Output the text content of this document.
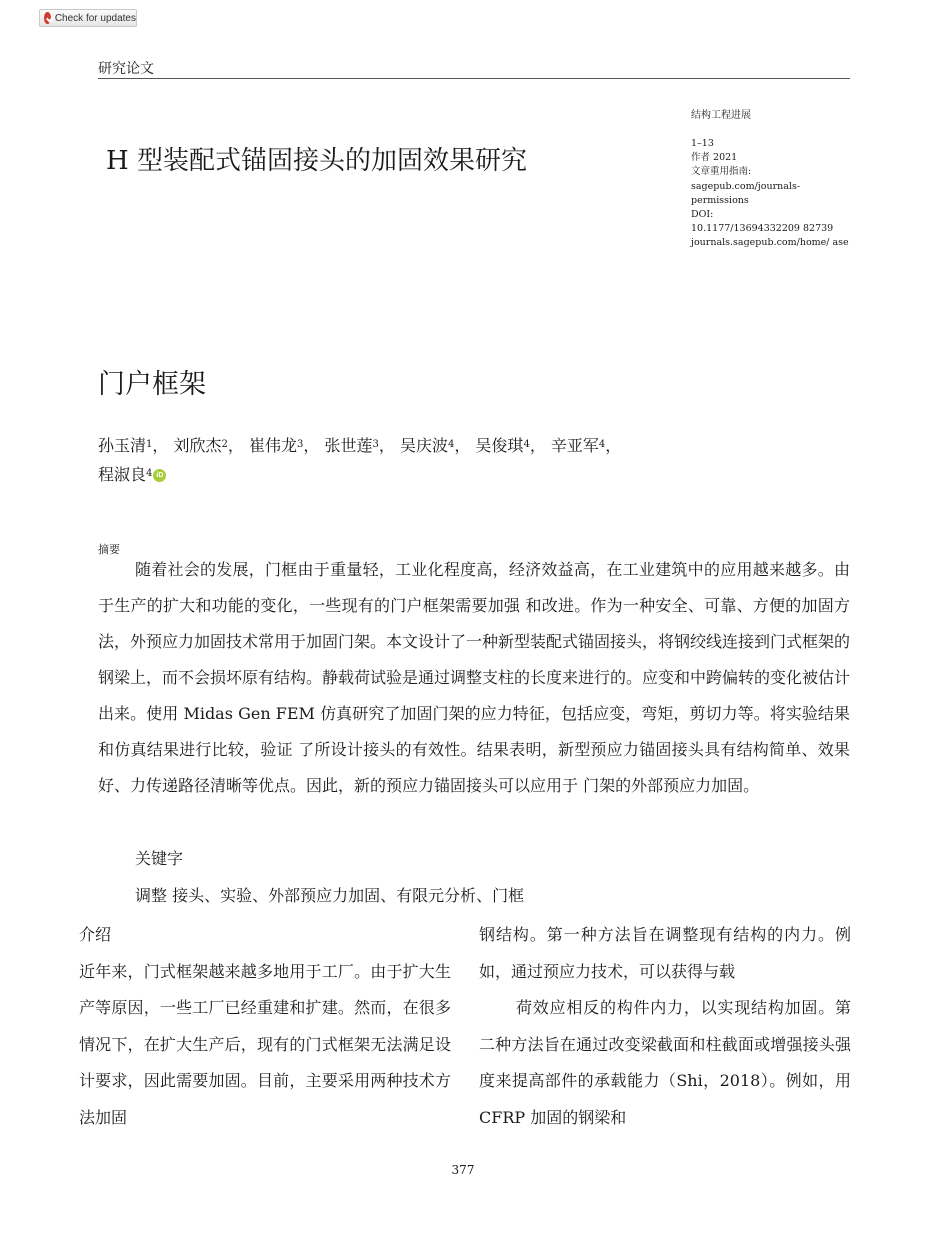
Check for updates
研究论文
结构工程进展
1–13
作者 2021
文章重用指南:
sagepub.com/journals-
permissions
DOI:
10.1177/13694332209 82739
journals.sagepub.com/home/ ase
H 型装配式锚固接头的加固效果研究
门户框架
孙玉清$^1$， 刘欣杰$^2$， 崔伟龙$^3$， 张世莲$^3$， 吴庆波$^4$， 吴俊琪$^4$， 辛亚军$^4$，
程淑良$^4$ iD
摘要

随着社会的发展，门框由于重量轻，工业化程度高，经济效益高，在工业建筑中的应用越来越多。由于生产的扩大和功能的变化，一些现有的门户框架需要加强 和改进。作为一种安全、可靠、方便的加固方法，外预应力加固技术常用于加固门架。本文设计了一种新型装配式锚固接头，将钢绞线连接到门式框架的钢梁上，而不会损坏原有结构。静载荷试验是通过调整支柱的长度来进行的。应变和中跨偏转的变化被估计出来。使用 Midas Gen FEM 仿真研究了加固门架的应力特征，包括应变，弯矩，剪切力等。将实验结果和仿真结果进行比较，验证 了所设计接头的有效性。结果表明，新型预应力锚固接头具有结构简单、效果好、力传递路径清晰等优点。因此，新的预应力锚固接头可以应用于 门架的外部预应力加固。

关键字
调整 接头、实验、外部预应力加固、有限元分析、门框
介绍

近年来，门式框架越来越多地用于工厂。由于扩大生产等原因，一些工厂已经重建和扩建。然而，在很多情况下，在扩大生产后，现有的门式框架无法满足设计要求，因此需要加固。目前，主要采用两种技术方法加固

钢结构。第一种方法旨在调整现有结构的内力。例如，通过预应力技术，可以获得与载

荷效应相反的构件内力，以实现结构加固。第二种方法旨在通过改变梁截面和柱截面或增强接头强度来提高部件的承载能力（Shi，2018）。例如，用 CFRP 加固的钢梁和

377
